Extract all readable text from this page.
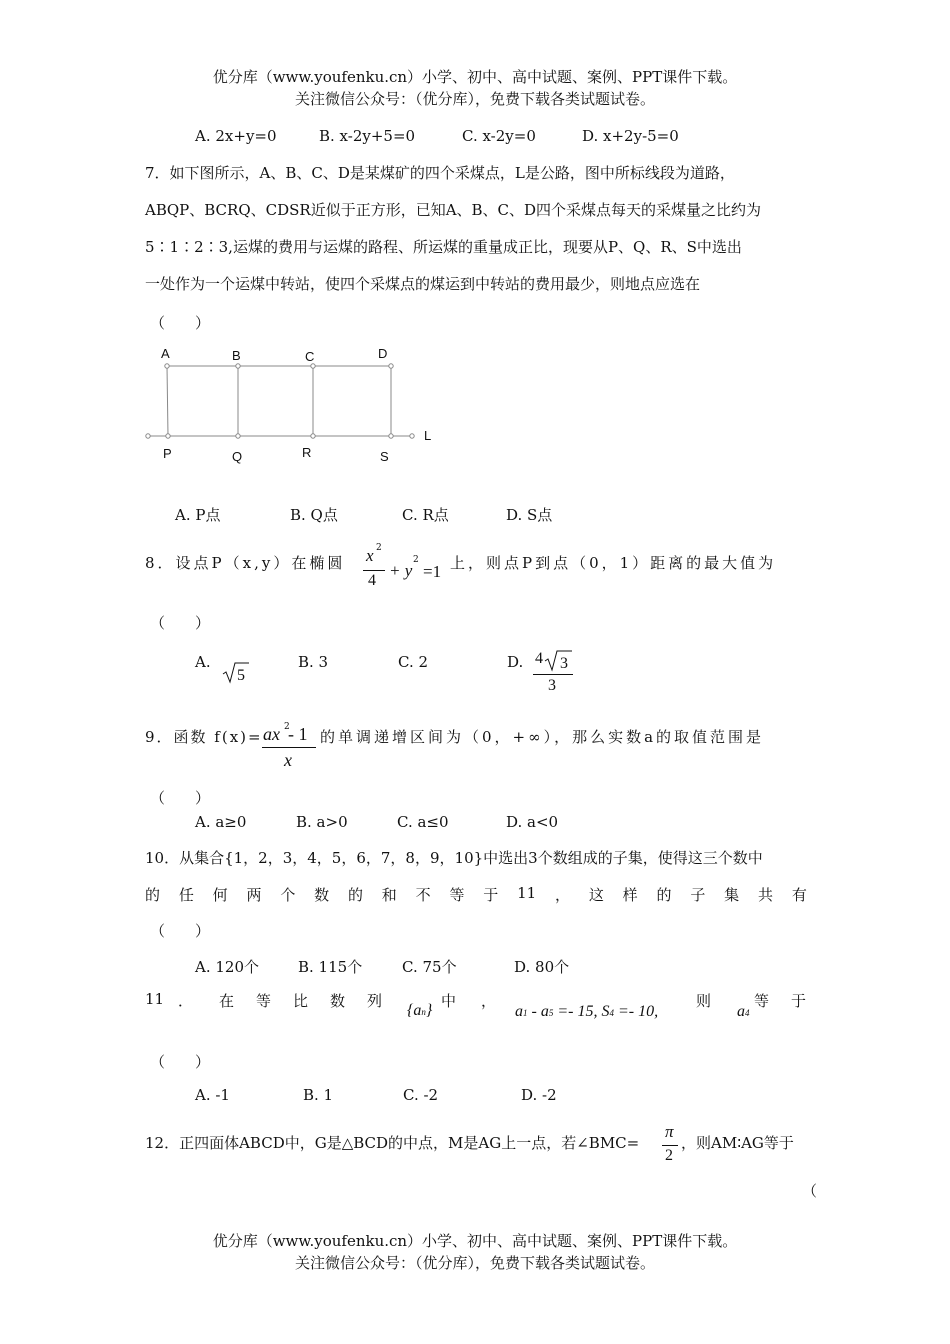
优分库（www.youfenku.cn）小学、初中、高中试题、案例、PPT课件下载。
关注微信公众号：（优分库），免费下载各类试题试卷。
A. 2x+y=0	B. x-2y+5=0	C. x-2y=0	D. x+2y-5=0
7．如下图所示，A、B、C、D是某煤矿的四个采煤点，L是公路，图中所标线段为道路，
ABQP、BCRQ、CDSR近似于正方形，已知A、B、C、D四个采煤点每天的采煤量之比约为
5∶1∶2∶3,运煤的费用与运煤的路程、所运煤的重量成正比，现要从P、Q、R、S中选出
一处作为一个运煤中转站，使四个采煤点的煤运到中转站的费用最少，则地点应选在
（　　）
A	B	C	D
P	Q	R	S
L
A. P点	B. Q点	C. R点	D. S点
8．设点P（x,y）在椭圆 x 2
4
+ y
2
=1 上，则点P到点（0，1）距离的最大值为
（　　）
A.
5
B. 3	C. 2	D. 4 3
3
9．函数 f(x)= ax 2
- 1
x
的单调递增区间为（0，+∞），那么实数a的取值范围是
（　　）
A. a≥0	B. a>0	C. a≤0	D. a<0
10．从集合{1，2，3，4，5，6，7，8，9，10}中选出3个数组成的子集，使得这三个数中
的 任 何 两 个 数 的 和 不 等 于 11 ， 这 样 的 子 集 共 有
（　　）
A. 120个	B. 115个	C. 75个	D. 80个
11 ． 在 等 比 数 列
{an}
中 ，
a1 - a5 =- 15, S4 =- 10,
则
a4
等 于
（　　）
A. -1	B. 1	C. -2	D. -2
12．正四面体ABCD中，G是△BCD的中点，M是AG上一点，若∠BMC=
π
2
，则AM∶AG等于
（
优分库（www.youfenku.cn）小学、初中、高中试题、案例、PPT课件下载。
关注微信公众号：（优分库），免费下载各类试题试卷。
